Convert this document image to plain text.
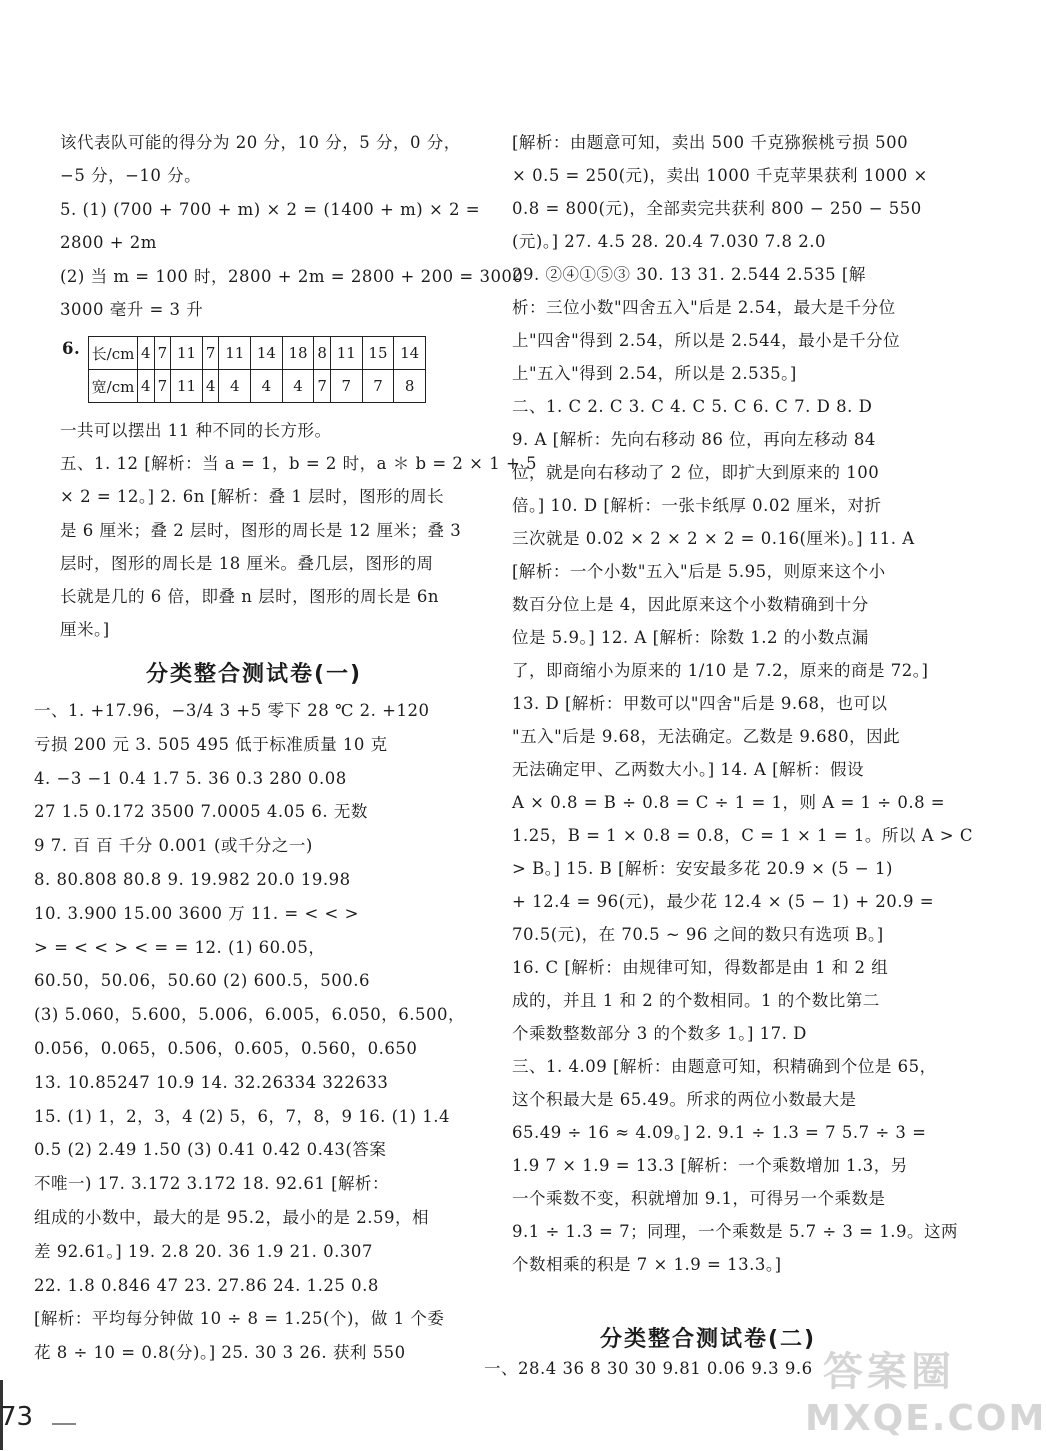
长/cm	4	7	11	7	11	14	18	8	11	15	14
宽/cm	4	7	11	4	4	4	4	7	7	7	8
6.
分类整合测试卷(一)
分类整合测试卷(二)
73
答案圈
MXQE.COM
该代表队可能的得分为 20 分，10 分，5 分，0 分，
−5 分，−10 分。
5. (1) (700 + 700 + m) × 2 = (1400 + m) × 2 =
2800 + 2m
(2) 当 m = 100 时，2800 + 2m = 2800 + 200 = 3000
3000 毫升 = 3 升
一共可以摆出 11 种不同的长方形。
五、1. 12 [解析：当 a = 1，b = 2 时，a ＊ b = 2 × 1 + 5
× 2 = 12。] 2. 6n [解析：叠 1 层时，图形的周长
是 6 厘米；叠 2 层时，图形的周长是 12 厘米；叠 3
层时，图形的周长是 18 厘米。叠几层，图形的周
长就是几的 6 倍，即叠 n 层时，图形的周长是 6n
厘米。]
一、1. +17.96，−3/4 3 +5 零下 28 ℃ 2. +120
亏损 200 元 3. 505 495 低于标准质量 10 克
4. −3 −1 0.4 1.7 5. 36 0.3 280 0.08
27 1.5 0.172 3500 7.0005 4.05 6. 无数
9 7. 百 百 千分 0.001 (或千分之一)
8. 80.808 80.8 9. 19.982 20.0 19.98
10. 3.900 15.00 3600 万 11. = < < >
> = < < > < = = 12. (1) 60.05，
60.50，50.06，50.60 (2) 600.5，500.6
(3) 5.060，5.600，5.006，6.005，6.050，6.500，
0.056，0.065，0.506，0.605，0.560，0.650
13. 10.85247 10.9 14. 32.26334 322633
15. (1) 1，2，3，4 (2) 5，6，7，8，9 16. (1) 1.4
0.5 (2) 2.49 1.50 (3) 0.41 0.42 0.43(答案
不唯一) 17. 3.172 3.172 18. 92.61 [解析：
组成的小数中，最大的是 95.2，最小的是 2.59，相
差 92.61。] 19. 2.8 20. 36 1.9 21. 0.307
22. 1.8 0.846 47 23. 27.86 24. 1.25 0.8
[解析：平均每分钟做 10 ÷ 8 = 1.25(个)，做 1 个委
花 8 ÷ 10 = 0.8(分)。] 25. 30 3 26. 获利 550
[解析：由题意可知，卖出 500 千克猕猴桃亏损 500
× 0.5 = 250(元)，卖出 1000 千克苹果获利 1000 ×
0.8 = 800(元)，全部卖完共获利 800 − 250 − 550
(元)。] 27. 4.5 28. 20.4 7.030 7.8 2.0
29. ②④①⑤③ 30. 13 31. 2.544 2.535 [解
析：三位小数"四舍五入"后是 2.54，最大是千分位
上"四舍"得到 2.54，所以是 2.544，最小是千分位
上"五入"得到 2.54，所以是 2.535。]
二、1. C 2. C 3. C 4. C 5. C 6. C 7. D 8. D
9. A [解析：先向右移动 86 位，再向左移动 84
位，就是向右移动了 2 位，即扩大到原来的 100
倍。] 10. D [解析：一张卡纸厚 0.02 厘米，对折
三次就是 0.02 × 2 × 2 × 2 = 0.16(厘米)。] 11. A
[解析：一个小数"五入"后是 5.95，则原来这个小
数百分位上是 4，因此原来这个小数精确到十分
位是 5.9。] 12. A [解析：除数 1.2 的小数点漏
了，即商缩小为原来的 1/10 是 7.2，原来的商是 72。]
13. D [解析：甲数可以"四舍"后是 9.68，也可以
"五入"后是 9.68，无法确定。乙数是 9.680，因此
无法确定甲、乙两数大小。] 14. A [解析：假设
A × 0.8 = B ÷ 0.8 = C ÷ 1 = 1，则 A = 1 ÷ 0.8 =
1.25，B = 1 × 0.8 = 0.8，C = 1 × 1 = 1。所以 A > C
> B。] 15. B [解析：安安最多花 20.9 × (5 − 1)
+ 12.4 = 96(元)，最少花 12.4 × (5 − 1) + 20.9 =
70.5(元)，在 70.5 ~ 96 之间的数只有选项 B。]
16. C [解析：由规律可知，得数都是由 1 和 2 组
成的，并且 1 和 2 的个数相同。1 的个数比第二
个乘数整数部分 3 的个数多 1。] 17. D
三、1. 4.09 [解析：由题意可知，积精确到个位是 65，
这个积最大是 65.49。所求的两位小数最大是
65.49 ÷ 16 ≈ 4.09。] 2. 9.1 ÷ 1.3 = 7 5.7 ÷ 3 =
1.9 7 × 1.9 = 13.3 [解析：一个乘数增加 1.3，另
一个乘数不变，积就增加 9.1，可得另一个乘数是
9.1 ÷ 1.3 = 7；同理，一个乘数是 5.7 ÷ 3 = 1.9。这两
个数相乘的积是 7 × 1.9 = 13.3。]
一、28.4 36 8 30 30 9.81 0.06 9.3 9.6
